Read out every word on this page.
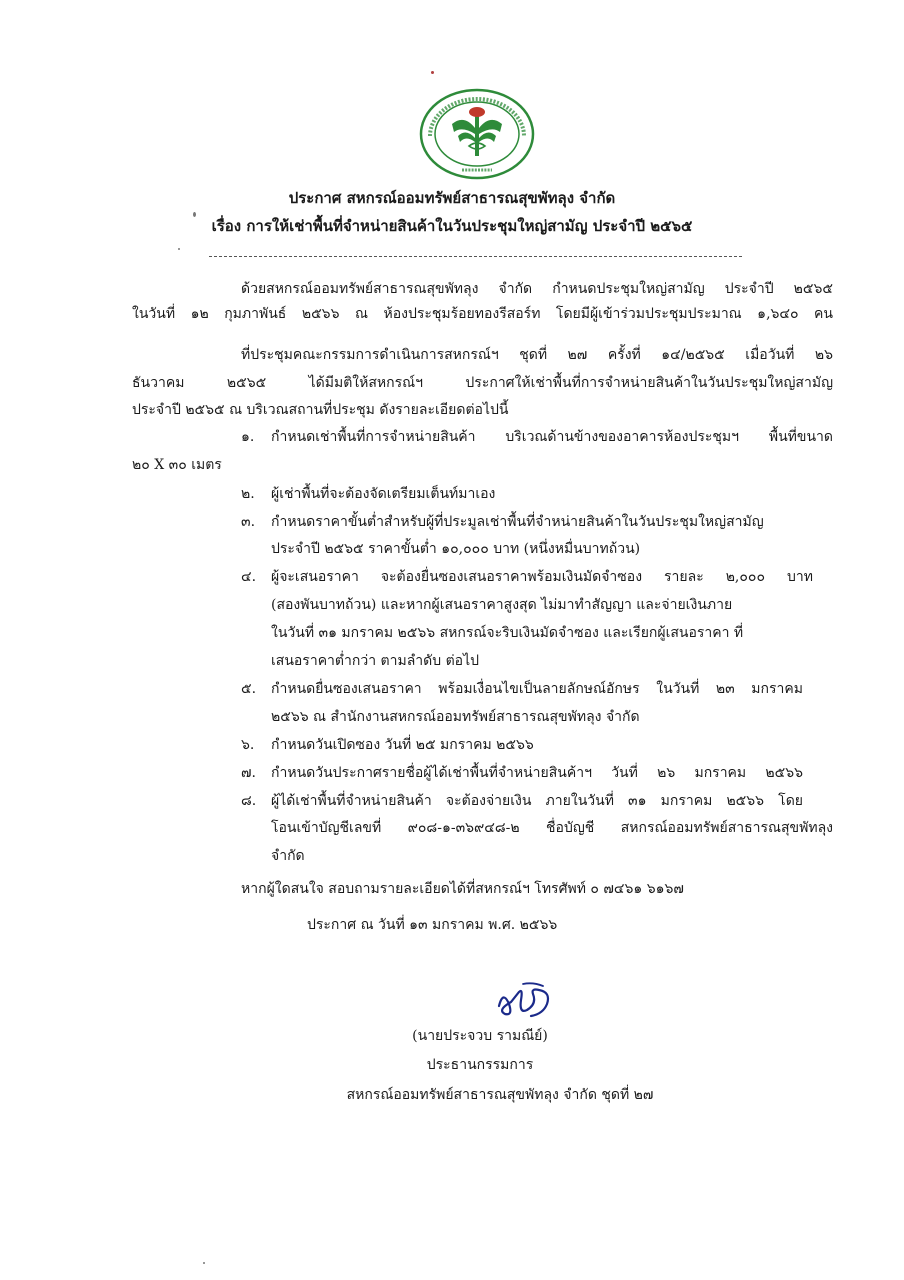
ประกาศ สหกรณ์ออมทรัพย์สาธารณสุขพัทลุง จำกัด
เรื่อง การให้เช่าพื้นที่จำหน่ายสินค้าในวันประชุมใหญ่สามัญ ประจำปี ๒๕๖๕
ด้วยสหกรณ์ออมทรัพย์สาธารณสุขพัทลุง จำกัด กำหนดประชุมใหญ่สามัญ ประจำปี ๒๕๖๕
ในวันที่ ๑๒ กุมภาพันธ์ ๒๕๖๖ ณ ห้องประชุมร้อยทองรีสอร์ท โดยมีผู้เข้าร่วมประชุมประมาณ ๑,๖๔๐ คน
ที่ประชุมคณะกรรมการดำเนินการสหกรณ์ฯ ชุดที่ ๒๗ ครั้งที่ ๑๔/๒๕๖๕ เมื่อวันที่ ๒๖
ธันวาคม ๒๕๖๕ ได้มีมติให้สหกรณ์ฯ ประกาศให้เช่าพื้นที่การจำหน่ายสินค้าในวันประชุมใหญ่สามัญ
ประจำปี ๒๕๖๕ ณ บริเวณสถานที่ประชุม ดังรายละเอียดต่อไปนี้
๑. กำหนดเช่าพื้นที่การจำหน่ายสินค้า บริเวณด้านข้างของอาคารห้องประชุมฯ พื้นที่ขนาด
๒๐ X ๓๐ เมตร
๒. ผู้เช่าพื้นที่จะต้องจัดเตรียมเต็นท์มาเอง
๓. กำหนดราคาขั้นต่ำสำหรับผู้ที่ประมูลเช่าพื้นที่จำหน่ายสินค้าในวันประชุมใหญ่สามัญ
ประจำปี ๒๕๖๕ ราคาขั้นต่ำ ๑๐,๐๐๐ บาท (หนึ่งหมื่นบาทถ้วน)
๔. ผู้จะเสนอราคา จะต้องยื่นซองเสนอราคาพร้อมเงินมัดจำซอง รายละ ๒,๐๐๐ บาท
(สองพันบาทถ้วน) และหากผู้เสนอราคาสูงสุด ไม่มาทำสัญญา และจ่ายเงินภาย
ในวันที่ ๓๑ มกราคม ๒๕๖๖ สหกรณ์จะริบเงินมัดจำซอง และเรียกผู้เสนอราคา ที่
เสนอราคาต่ำกว่า ตามลำดับ ต่อไป
๕. กำหนดยื่นซองเสนอราคา พร้อมเงื่อนไขเป็นลายลักษณ์อักษร ในวันที่ ๒๓ มกราคม
๒๕๖๖ ณ สำนักงานสหกรณ์ออมทรัพย์สาธารณสุขพัทลุง จำกัด
๖. กำหนดวันเปิดซอง วันที่ ๒๕ มกราคม ๒๕๖๖
๗. กำหนดวันประกาศรายชื่อผู้ได้เช่าพื้นที่จำหน่ายสินค้าฯ วันที่ ๒๖ มกราคม ๒๕๖๖
๘. ผู้ได้เช่าพื้นที่จำหน่ายสินค้า จะต้องจ่ายเงิน ภายในวันที่ ๓๑ มกราคม ๒๕๖๖ โดย
โอนเข้าบัญชีเลขที่ ๙๐๘-๑-๓๖๙๔๘-๒ ชื่อบัญชี สหกรณ์ออมทรัพย์สาธารณสุขพัทลุง
จำกัด
หากผู้ใดสนใจ สอบถามรายละเอียดได้ที่สหกรณ์ฯ โทรศัพท์ ๐ ๗๔๖๑ ๖๑๖๗
ประกาศ ณ วันที่ ๑๓ มกราคม พ.ศ. ๒๕๖๖
(นายประจวบ รามณีย์)
ประธานกรรมการ
สหกรณ์ออมทรัพย์สาธารณสุขพัทลุง จำกัด ชุดที่ ๒๗
